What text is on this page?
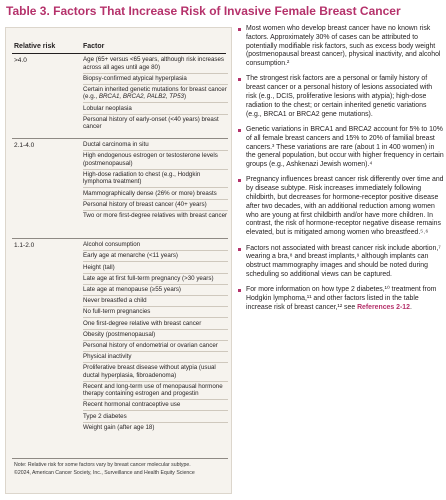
Table 3. Factors That Increase Risk of Invasive Female Breast Cancer
Relative risk	Factor
>4.0	Age (65+ versus <65 years, although risk increases across all ages until age 80)
Biopsy-confirmed atypical hyperplasia
Certain inherited genetic mutations for breast cancer (e.g., BRCA1, BRCA2, PALB2, TP53)
Lobular neoplasia
Personal history of early-onset (<40 years) breast cancer
2.1-4.0	Ductal carcinoma in situ
High endogenous estrogen or testosterone levels (postmenopausal)
High-dose radiation to chest (e.g., Hodgkin lymphoma treatment)
Mammographically dense (26% or more) breasts
Personal history of breast cancer (40+ years)
Two or more first-degree relatives with breast cancer
1.1-2.0	Alcohol consumption
Early age at menarche (<11 years)
Height (tall)
Late age at first full-term pregnancy (>30 years)
Late age at menopause (≥55 years)
Never breastfed a child
No full-term pregnancies
One first-degree relative with breast cancer
Obesity (postmenopausal)
Personal history of endometrial or ovarian cancer
Physical inactivity
Proliferative breast disease without atypia (usual ductal hyperplasia, fibroadenoma)
Recent and long-term use of menopausal hormone therapy containing estrogen and progestin
Recent hormonal contraceptive use
Type 2 diabetes
Weight gain (after age 18)
Note: Relative risk for some factors vary by breast cancer molecular subtype.
©2024, American Cancer Society, Inc., Surveillance and Health Equity Science
Most women who develop breast cancer have no known risk factors. Approximately 30% of cases can be attributed to potentially modifiable risk factors, such as excess body weight (postmenopausal breast cancer), physical inactivity, and alcohol consumption.²
The strongest risk factors are a personal or family history of breast cancer or a personal history of lesions associated with risk (e.g., DCIS, proliferative lesions with atypia); high-dose radiation to the chest; or certain inherited genetic variations (e.g., BRCA1 or BRCA2 gene mutations).
Genetic variations in BRCA1 and BRCA2 account for 5% to 10% of all female breast cancers and 15% to 20% of familial breast cancers.³ These variations are rare (about 1 in 400 women) in the general population, but occur with higher frequency in certain groups (e.g., Ashkenazi Jewish women).⁴
Pregnancy influences breast cancer risk differently over time and by disease subtype. Risk increases immediately following childbirth, but decreases for hormone-receptor positive disease after two decades, with an additional reduction among women who are young at first childbirth and/or have more children. In contrast, the risk of hormone-receptor negative disease remains elevated, but is mitigated among women who breastfeed.⁵˒⁶
Factors not associated with breast cancer risk include abortion,⁷ wearing a bra,⁸ and breast implants,⁹ although implants can obstruct mammography images and should be noted during scheduling so additional views can be captured.
For more information on how type 2 diabetes,¹⁰ treatment from Hodgkin lymphoma,¹¹ and other factors listed in the table increase risk of breast cancer,¹² see References 2-12.
